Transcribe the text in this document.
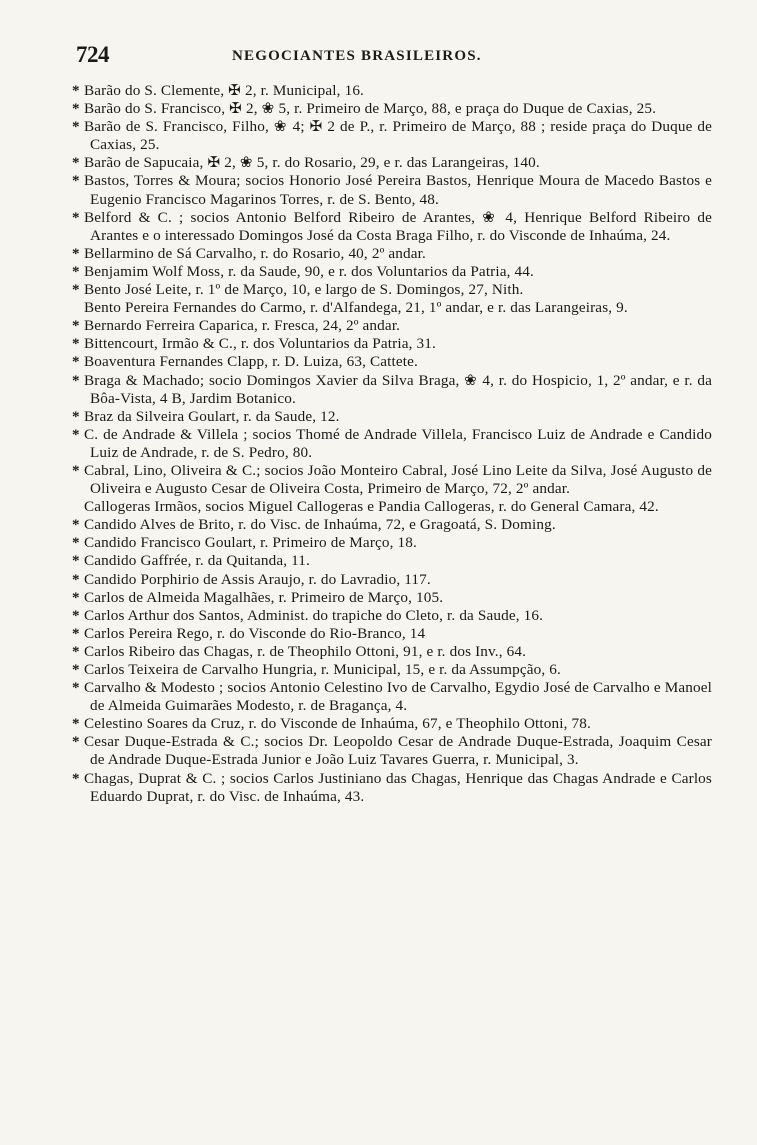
724	NEGOCIANTES BRASILEIROS.
* Barão do S. Clemente, ✠ 2, r. Municipal, 16.
* Barão do S. Francisco, ✠ 2, ❀ 5, r. Primeiro de Março, 88, e praça do Duque de Caxias, 25.
* Barão de S. Francisco, Filho, ❀ 4; ✠ 2 de P., r. Primeiro de Março, 88 ; reside praça do Duque de Caxias, 25.
* Barão de Sapucaia, ✠ 2, ❀ 5, r. do Rosario, 29, e r. das Larangeiras, 140.
* Bastos, Torres & Moura; socios Honorio José Pereira Bastos, Henrique Moura de Macedo Bastos e Eugenio Francisco Magarinos Torres, r. de S. Bento, 48.
* Belford & C. ; socios Antonio Belford Ribeiro de Arantes, ❀ 4, Henrique Belford Ribeiro de Arantes e o interessado Domingos José da Costa Braga Filho, r. do Visconde de Inhaúma, 24.
* Bellarmino de Sá Carvalho, r. do Rosario, 40, 2º andar.
* Benjamim Wolf Moss, r. da Saude, 90, e r. dos Voluntarios da Patria, 44.
* Bento José Leite, r. 1º de Março, 10, e largo de S. Domingos, 27, Nith.
Bento Pereira Fernandes do Carmo, r. d'Alfandega, 21, 1º andar, e r. das Larangeiras, 9.
* Bernardo Ferreira Caparica, r. Fresca, 24, 2º andar.
* Bittencourt, Irmão & C., r. dos Voluntarios da Patria, 31.
* Boaventura Fernandes Clapp, r. D. Luiza, 63, Cattete.
* Braga & Machado; socio Domingos Xavier da Silva Braga, ❀ 4, r. do Hospicio, 1, 2º andar, e r. da Bôa-Vista, 4 B, Jardim Botanico.
* Braz da Silveira Goulart, r. da Saude, 12.
* C. de Andrade & Villela ; socios Thomé de Andrade Villela, Francisco Luiz de Andrade e Candido Luiz de Andrade, r. de S. Pedro, 80.
* Cabral, Lino, Oliveira & C.; socios João Monteiro Cabral, José Lino Leite da Silva, José Augusto de Oliveira e Augusto Cesar de Oliveira Costa, Primeiro de Março, 72, 2º andar.
Callogeras Irmãos, socios Miguel Callogeras e Pandia Callogeras, r. do General Camara, 42.
* Candido Alves de Brito, r. do Visc. de Inhaúma, 72, e Gragoatá, S. Doming.
* Candido Francisco Goulart, r. Primeiro de Março, 18.
* Candido Gaffrée, r. da Quitanda, 11.
* Candido Porphirio de Assis Araujo, r. do Lavradio, 117.
* Carlos de Almeida Magalhães, r. Primeiro de Março, 105.
* Carlos Arthur dos Santos, Administ. do trapiche do Cleto, r. da Saude, 16.
* Carlos Pereira Rego, r. do Visconde do Rio-Branco, 14
* Carlos Ribeiro das Chagas, r. de Theophilo Ottoni, 91, e r. dos Inv., 64.
* Carlos Teixeira de Carvalho Hungria, r. Municipal, 15, e r. da Assumpção, 6.
* Carvalho & Modesto ; socios Antonio Celestino Ivo de Carvalho, Egydio José de Carvalho e Manoel de Almeida Guimarães Modesto, r. de Bragança, 4.
* Celestino Soares da Cruz, r. do Visconde de Inhaúma, 67, e Theophilo Ottoni, 78.
* Cesar Duque-Estrada & C.; socios Dr. Leopoldo Cesar de Andrade Duque-Estrada, Joaquim Cesar de Andrade Duque-Estrada Junior e João Luiz Tavares Guerra, r. Municipal, 3.
* Chagas, Duprat & C. ; socios Carlos Justiniano das Chagas, Henrique das Chagas Andrade e Carlos Eduardo Duprat, r. do Visc. de Inhaúma, 43.
